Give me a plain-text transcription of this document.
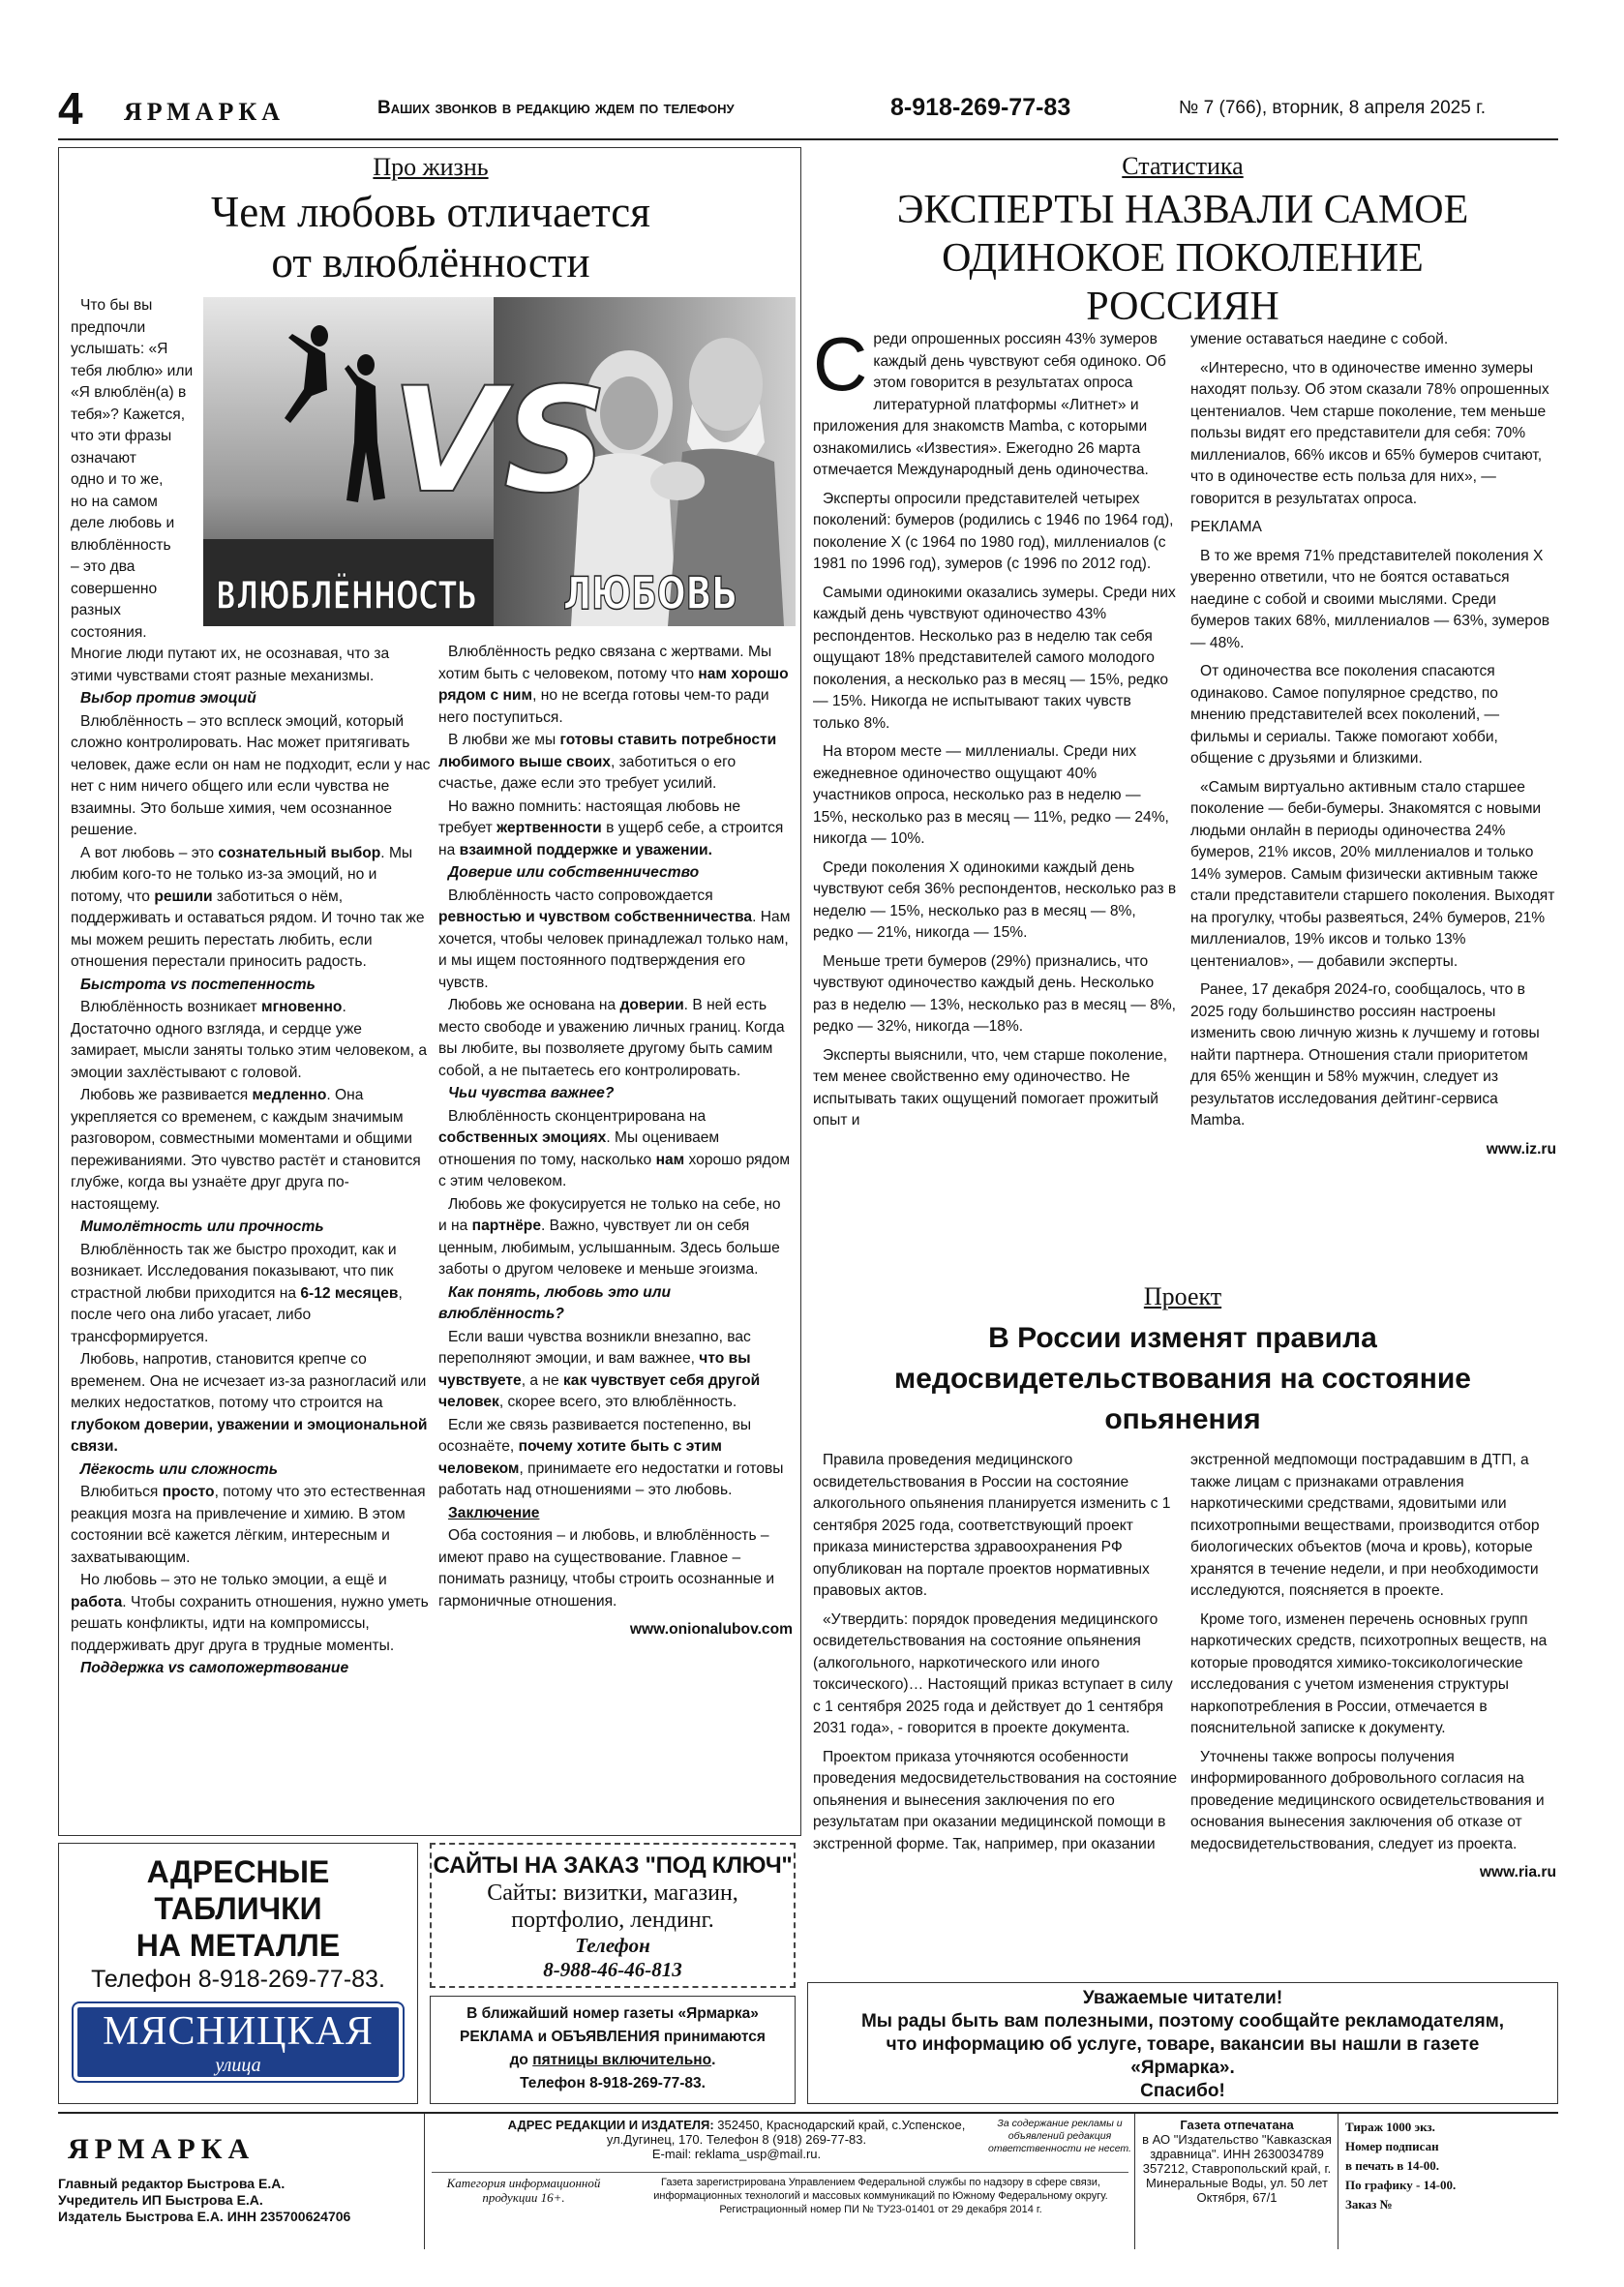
4 ЯРМАРКА	Ваших звонков в редакцию ждем по телефону	8-918-269-77-83	№ 7 (766), вторник, 8 апреля 2025 г.
Про жизнь
Чем любовь отличается
от влюблённости
Что бы вы
предпочли
услышать: «Я
тебя люблю» или
«Я влюблён(а) в
тебя»? Кажется,
что эти фразы
означают
одно и то же,
но на самом
деле любовь и
влюблённость
– это два
совершенно
разных
состояния.

Многие люди путают их, не осознавая, что за этими чувствами стоят разные механизмы.

Выбор против эмоций

Влюблённость – это всплеск эмоций, который сложно контролировать. Нас может притягивать человек, даже если он нам не подходит, если у нас нет с ним ничего общего или если чувства не взаимны. Это больше химия, чем осознанное решение.

А вот любовь – это сознательный выбор. Мы любим кого-то не только из-за эмоций, но и потому, что решили заботиться о нём, поддерживать и оставаться рядом. И точно так же мы можем решить перестать любить, если отношения перестали приносить радость.

Быстрота vs постепенность

Влюблённость возникает мгновенно. Достаточно одного взгляда, и сердце уже замирает, мысли заняты только этим человеком, а эмоции захлёстывают с головой.

Любовь же развивается медленно. Она укрепляется со временем, с каждым значимым разговором, совместными моментами и общими переживаниями. Это чувство растёт и становится глубже, когда вы узнаёте друг друга по-настоящему.

Мимолётность или прочность

Влюблённость так же быстро проходит, как и возникает. Исследования показывают, что пик страстной любви приходится на 6-12 месяцев, после чего она либо угасает, либо трансформируется.

Любовь, напротив, становится крепче со временем. Она не исчезает из-за разногласий или мелких недостатков, потому что строится на глубоком доверии, уважении и эмоциональной связи.

Лёгкость или сложность

Влюбиться просто, потому что это естественная реакция мозга на привлечение и химию. В этом состоянии всё кажется лёгким, интересным и захватывающим.

Но любовь – это не только эмоции, а ещё и работа. Чтобы сохранить отношения, нужно уметь решать конфликты, идти на компромиссы, поддерживать друг друга в трудные моменты.

Поддержка vs самопожертвование

Влюблённость редко связана с жертвами. Мы хотим быть с человеком, потому что нам хорошо рядом с ним, но не всегда готовы чем-то ради него поступиться.

В любви же мы готовы ставить потребности любимого выше своих, заботиться о его счастье, даже если это требует усилий.

Но важно помнить: настоящая любовь не требует жертвенности в ущерб себе, а строится на взаимной поддержке и уважении.

Доверие или собственничество

Влюблённость часто сопровождается ревностью и чувством собственничества. Нам хочется, чтобы человек принадлежал только нам, и мы ищем постоянного подтверждения его чувств.

Любовь же основана на доверии. В ней есть место свободе и уважению личных границ. Когда вы любите, вы позволяете другому быть самим собой, а не пытаетесь его контролировать.

Чьи чувства важнее?

Влюблённость сконцентрирована на собственных эмоциях. Мы оцениваем отношения по тому, насколько нам хорошо рядом с этим человеком.

Любовь же фокусируется не только на себе, но и на партнёре. Важно, чувствует ли он себя ценным, любимым, услышанным. Здесь больше заботы о другом человеке и меньше эгоизма.

Как понять, любовь это или влюблённость?

Если ваши чувства возникли внезапно, вас переполняют эмоции, и вам важнее, что вы чувствуете, а не как чувствует себя другой человек, скорее всего, это влюблённость.

Если же связь развивается постепенно, вы осознаёте, почему хотите быть с этим человеком, принимаете его недостатки и готовы работать над отношениями – это любовь.

Заключение

Оба состояния – и любовь, и влюблённость – имеют право на существование. Главное – понимать разницу, чтобы строить осознанные и гармоничные отношения.

www.onionalubov.com

VS
ВЛЮБЛЁННОСТЬ
ЛЮБОВЬ
Статистика
ЭКСПЕРТЫ НАЗВАЛИ САМОЕ
ОДИНОКОЕ ПОКОЛЕНИЕ
РОССИЯН

Среди опрошенных россиян 43% зумеров каждый день чувствуют себя одиноко. Об этом говорится в результатах опроса литературной платформы «Литнет» и приложения для знакомств Mamba, с которыми ознакомились «Известия». Ежегодно 26 марта отмечается Международный день одиночества.

Эксперты опросили представителей четырех поколений: бумеров (родились с 1946 по 1964 год), поколение Х (с 1964 по 1980 год), миллениалов (с 1981 по 1996 год), зумеров (с 1996 по 2012 год).

Самыми одинокими оказались зумеры. Среди них каждый день чувствуют одиночество 43% респондентов. Несколько раз в неделю так себя ощущают 18% представителей самого молодого поколения, а несколько раз в месяц — 15%, редко — 15%. Никогда не испытывают таких чувств только 8%.

На втором месте — миллениалы. Среди них ежедневное одиночество ощущают 40% участников опроса, несколько раз в неделю — 15%, несколько раз в месяц — 11%, редко — 24%, никогда — 10%.

Среди поколения Х одинокими каждый день чувствуют себя 36% респондентов, несколько раз в неделю — 15%, несколько раз в месяц — 8%, редко — 21%, никогда — 15%.

Меньше трети бумеров (29%) признались, что чувствуют одиночество каждый день. Несколько раз в неделю — 13%, несколько раз в месяц — 8%, редко — 32%, никогда —18%.

Эксперты выяснили, что, чем старше поколение, тем менее свойственно ему одиночество. Не испытывать таких ощущений помогает прожитый опыт и

умение оставаться наедине с собой.

«Интересно, что в одиночестве именно зумеры находят пользу. Об этом сказали 78% опрошенных центениалов. Чем старше поколение, тем меньше пользы видят его представители для себя: 70% миллениалов, 66% иксов и 65% бумеров считают, что в одиночестве есть польза для них», — говорится в результатах опроса.

РЕКЛАМА

В то же время 71% представителей поколения Х уверенно ответили, что не боятся оставаться наедине с собой и своими мыслями. Среди бумеров таких 68%, миллениалов — 63%, зумеров — 48%.

От одиночества все поколения спасаются одинаково. Самое популярное средство, по мнению представителей всех поколений, — фильмы и сериалы. Также помогают хобби, общение с друзьями и близкими.

«Самым виртуально активным стало старшее поколение — беби-бумеры. Знакомятся с новыми людьми онлайн в периоды одиночества 24% бумеров, 21% иксов, 20% миллениалов и только 14% зумеров. Самым физически активным также стали представители старшего поколения. Выходят на прогулку, чтобы развеяться, 24% бумеров, 21% миллениалов, 19% иксов и только 13% центениалов», — добавили эксперты.

Ранее, 17 декабря 2024-го, сообщалось, что в 2025 году большинство россиян настроены изменить свою личную жизнь к лучшему и готовы найти партнера. Отношения стали приоритетом для 65% женщин и 58% мужчин, следует из результатов исследования дейтинг-сервиса Mamba.

www.iz.ru

Проект
В России изменят правила
медосвидетельствования на состояние
опьянения

Правила проведения медицинского освидетельствования в России на состояние алкогольного опьянения планируется изменить с 1 сентября 2025 года, соответствующий проект приказа министерства здравоохранения РФ опубликован на портале проектов нормативных правовых актов.

«Утвердить: порядок проведения медицинского освидетельствования на состояние опьянения (алкогольного, наркотического или иного токсического)… Настоящий приказ вступает в силу с 1 сентября 2025 года и действует до 1 сентября 2031 года», - говорится в проекте документа.

Проектом приказа уточняются особенности проведения медосвидетельствования на состояние опьянения и вынесения заключения по его результатам при оказании медицинской помощи в экстренной форме. Так, например, при оказании

экстренной медпомощи пострадавшим в ДТП, а также лицам с признаками отравления наркотическими средствами, ядовитыми или психотропными веществами, производится отбор биологических объектов (моча и кровь), которые хранятся в течение недели, и при необходимости исследуются, поясняется в проекте.

Кроме того, изменен перечень основных групп наркотических средств, психотропных веществ, на которые проводятся химико-токсикологические исследования с учетом изменения структуры наркопотребления в России, отмечается в пояснительной записке к документу.

Уточнены также вопросы получения информированного добровольного согласия на проведение медицинского освидетельствования и основания вынесения заключения об отказе от медосвидетельствования, следует из проекта.

www.ria.ru

АДРЕСНЫЕ
ТАБЛИЧКИ
НА МЕТАЛЛЕ
Телефон 8-918-269-77-83.
МЯСНИЦКАЯ
улица
САЙТЫ НА ЗАКАЗ "ПОД КЛЮЧ"
Сайты: визитки, магазин,
портфолио, лендинг.
Телефон
8-988-46-46-813
В ближайший номер газеты «Ярмарка»
РЕКЛАМА и ОБЪЯВЛЕНИЯ принимаются
до пятницы включительно.
Телефон 8-918-269-77-83.
Уважаемые читатели!
Мы рады быть вам полезными, поэтому сообщайте рекламодателям,
что информацию об услуге, товаре, вакансии вы нашли в газете
«Ярмарка».
Спасибо!
ЯРМАРКА
Главный редактор Быстрова Е.А.
Учредитель ИП Быстрова Е.А.
Издатель Быстрова Е.А. ИНН 235700624706
АДРЕС РЕДАКЦИИ И ИЗДАТЕЛЯ: 352450, Краснодарский край, с.Успенское,
ул.Дугинец, 170. Телефон 8 (918) 269-77-83.
E-mail: reklama_usp@mail.ru.
За содержание рекламы и объявлений редакция ответственности не несет.
Категория информационной продукции 16+.
Газета зарегистрирована Управлением Федеральной службы по надзору в сфере связи, информационных технологий и массовых коммуникаций по Южному Федеральному округу. Регистрационный номер ПИ № ТУ23-01401 от 29 декабря 2014 г.
Газета отпечатана
в АО "Издательство "Кавказская здравница". ИНН 2630034789 357212, Ставропольский край, г. Минеральные Воды, ул. 50 лет Октября, 67/1
Тираж 1000 экз.
Номер подписан
в печать в 14-00.
По графику - 14-00.
Заказ №
